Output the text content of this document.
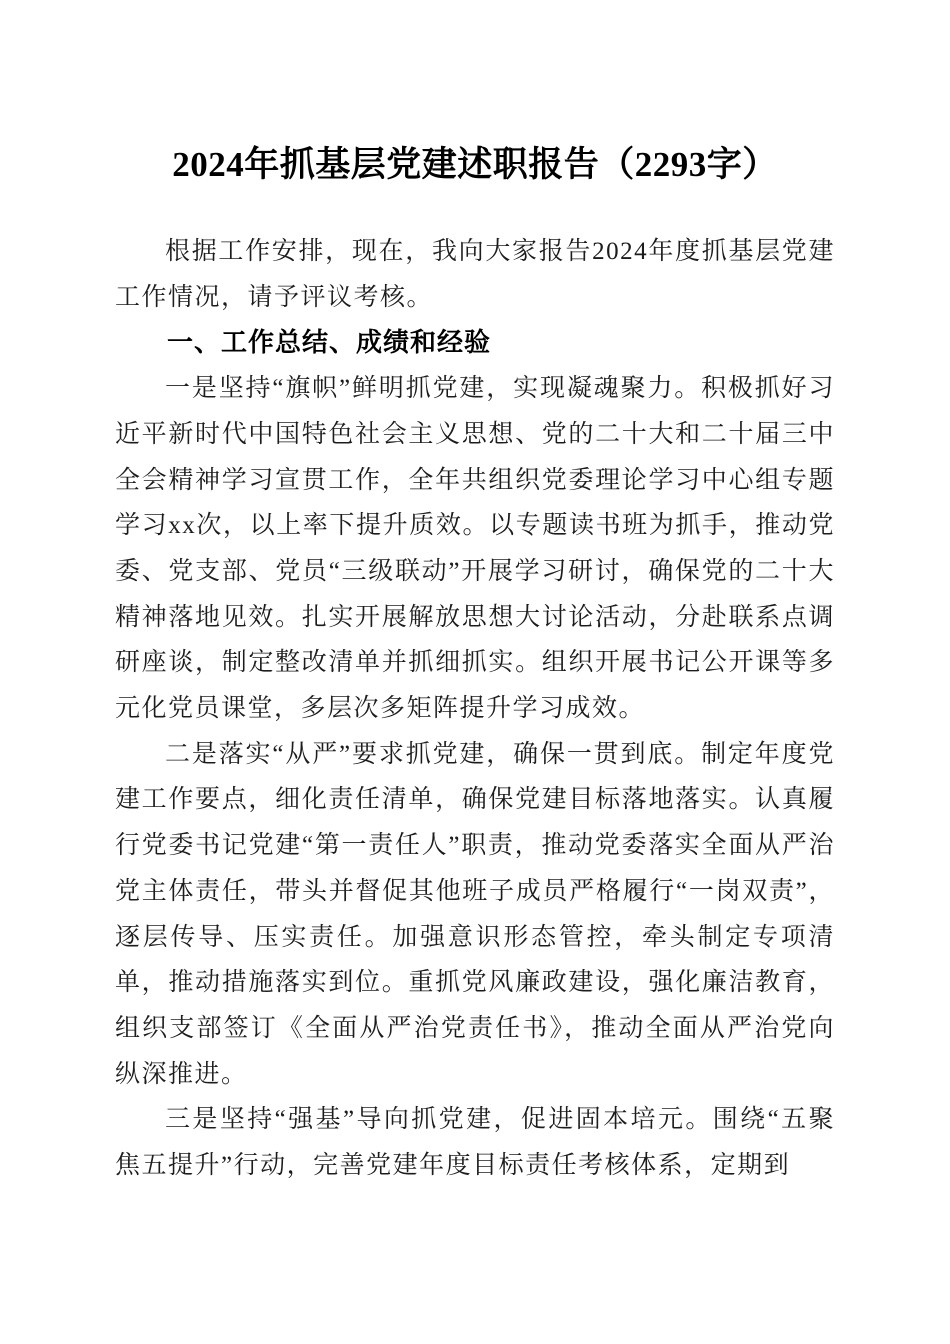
2024年抓基层党建述职报告（2293字）

根据工作安排，现在，我向大家报告2024年度抓基层党建工作情况，请予评议考核。

一、工作总结、成绩和经验

一是坚持“旗帜”鲜明抓党建，实现凝魂聚力。积极抓好习近平新时代中国特色社会主义思想、党的二十大和二十届三中全会精神学习宣贯工作，全年共组织党委理论学习中心组专题学习xx次，以上率下提升质效。以专题读书班为抓手，推动党委、党支部、党员“三级联动”开展学习研讨，确保党的二十大精神落地见效。扎实开展解放思想大讨论活动，分赴联系点调研座谈，制定整改清单并抓细抓实。组织开展书记公开课等多元化党员课堂，多层次多矩阵提升学习成效。

二是落实“从严”要求抓党建，确保一贯到底。制定年度党建工作要点，细化责任清单，确保党建目标落地落实。认真履行党委书记党建“第一责任人”职责，推动党委落实全面从严治党主体责任，带头并督促其他班子成员严格履行“一岗双责”，逐层传导、压实责任。加强意识形态管控，牵头制定专项清单，推动措施落实到位。重抓党风廉政建设，强化廉洁教育，组织支部签订《全面从严治党责任书》，推动全面从严治党向纵深推进。

三是坚持“强基”导向抓党建，促进固本培元。围绕“五聚焦五提升”行动，完善党建年度目标责任考核体系，定期到
